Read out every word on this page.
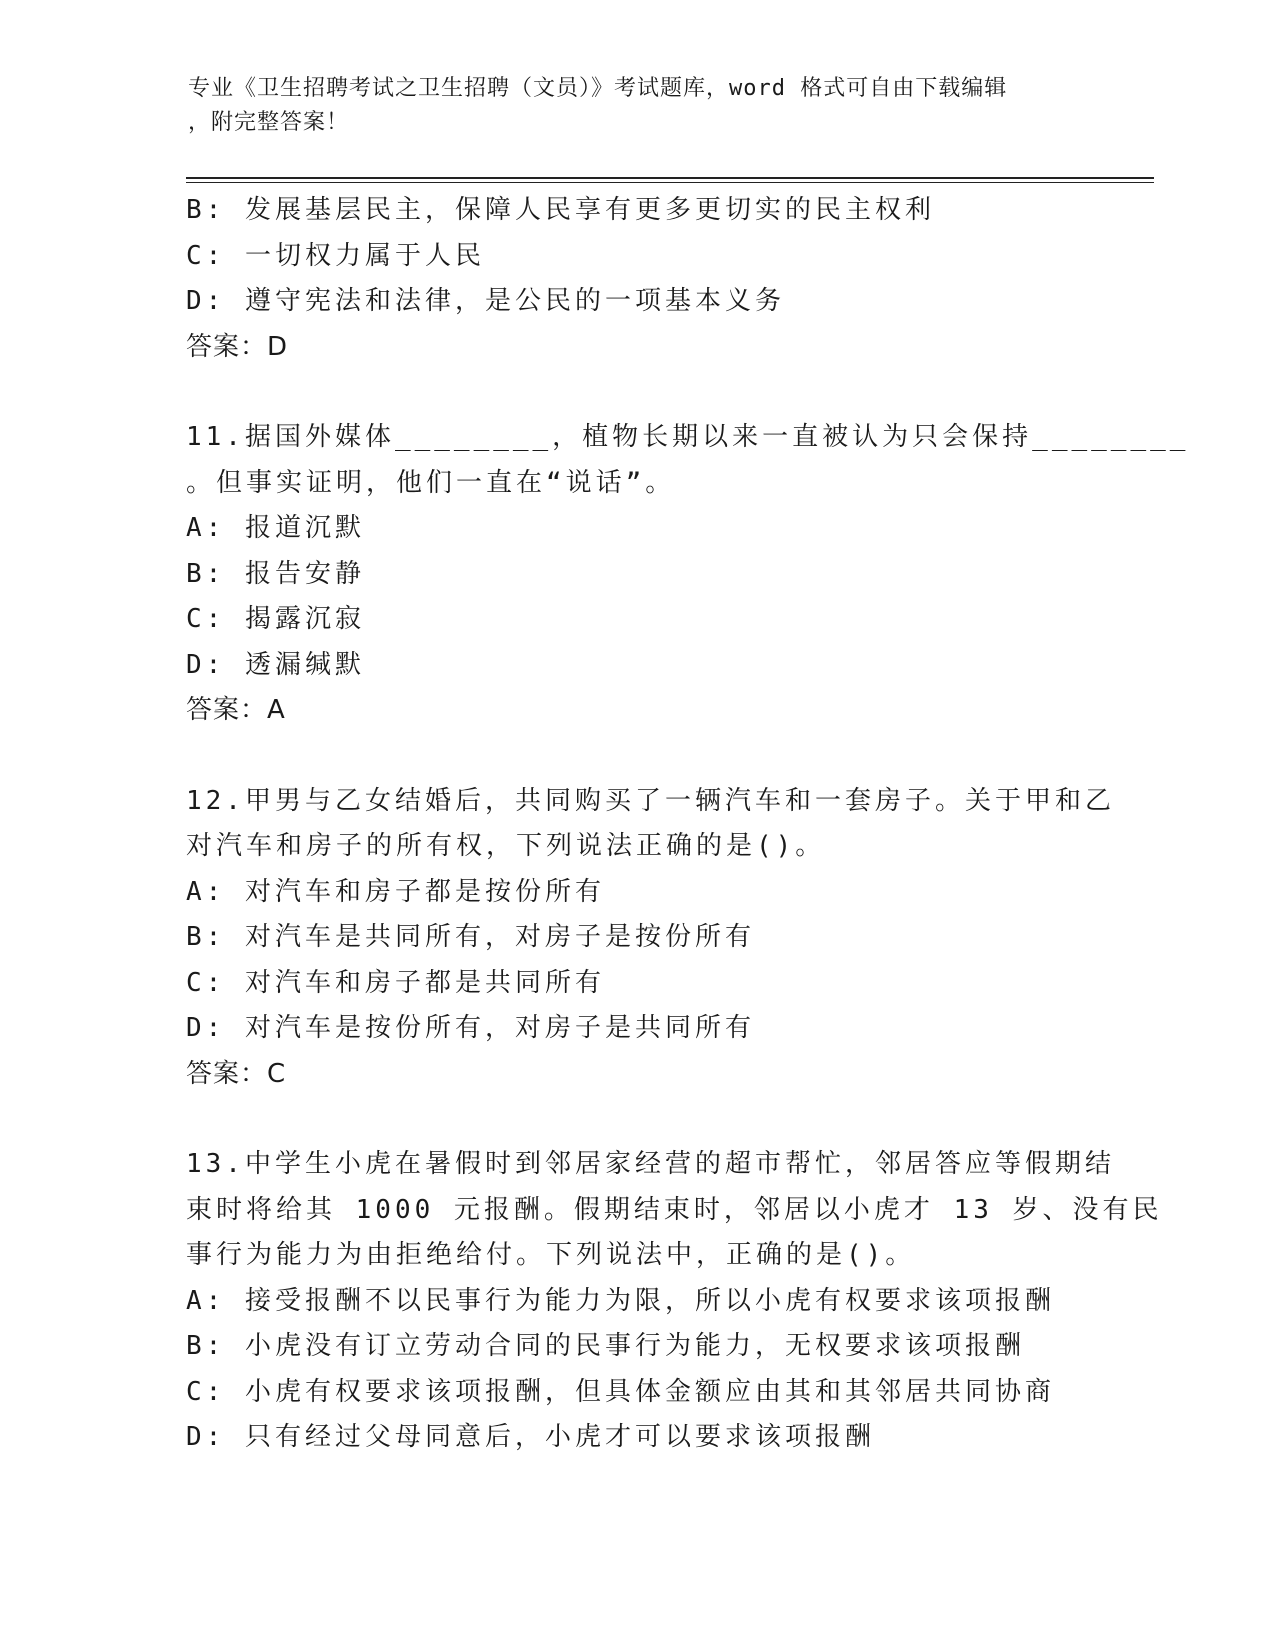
专业《卫生招聘考试之卫生招聘（文员）》考试题库，word 格式可自由下载编辑
，附完整答案！
B: 发展基层民主，保障人民享有更多更切实的民主权利
C: 一切权力属于人民
D: 遵守宪法和法律，是公民的一项基本义务
答案：D
11.据国外媒体________，植物长期以来一直被认为只会保持________
。但事实证明，他们一直在“说话”。
A: 报道沉默
B: 报告安静
C: 揭露沉寂
D: 透漏缄默
答案：A
12.甲男与乙女结婚后，共同购买了一辆汽车和一套房子。关于甲和乙
对汽车和房子的所有权，下列说法正确的是()。
A: 对汽车和房子都是按份所有
B: 对汽车是共同所有，对房子是按份所有
C: 对汽车和房子都是共同所有
D: 对汽车是按份所有，对房子是共同所有
答案：C
13.中学生小虎在暑假时到邻居家经营的超市帮忙，邻居答应等假期结
束时将给其 1000 元报酬。假期结束时，邻居以小虎才 13 岁、没有民
事行为能力为由拒绝给付。下列说法中，正确的是()。
A: 接受报酬不以民事行为能力为限，所以小虎有权要求该项报酬
B: 小虎没有订立劳动合同的民事行为能力，无权要求该项报酬
C: 小虎有权要求该项报酬，但具体金额应由其和其邻居共同协商
D: 只有经过父母同意后，小虎才可以要求该项报酬
